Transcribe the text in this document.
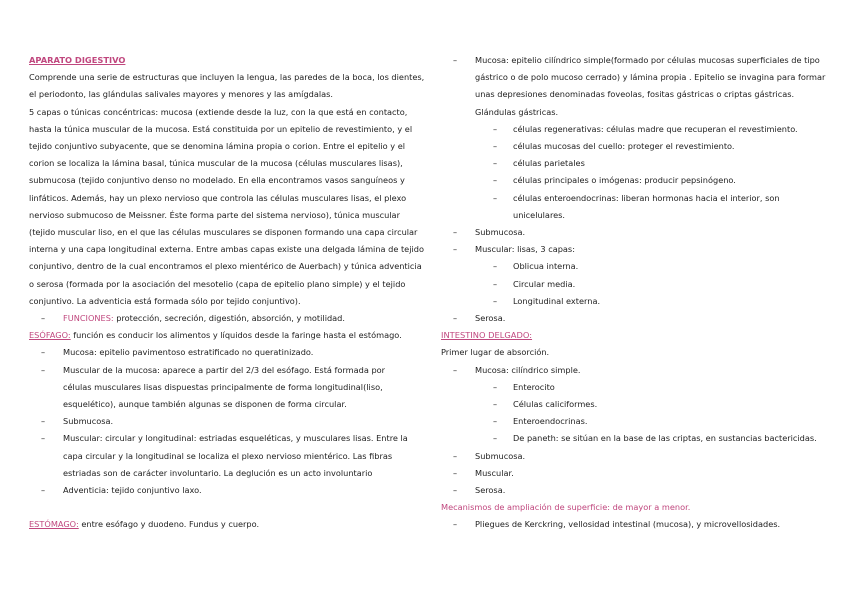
APARATO DIGESTIVO
Comprende una serie de estructuras que incluyen la lengua, las paredes de la boca, los dientes,
el periodonto, las glándulas salivales mayores y menores y las amígdalas.
5 capas o túnicas concéntricas: mucosa (extiende desde la luz, con la que está en contacto,
hasta la túnica muscular de la mucosa. Está constituida por un epitelio de revestimiento, y el
tejido conjuntivo subyacente, que se denomina lámina propia o corion. Entre el epitelio y el
corion se localiza la lámina basal, túnica muscular de la mucosa (células musculares lisas),
submucosa (tejido conjuntivo denso no modelado. En ella encontramos vasos sanguíneos y
linfáticos. Además, hay un plexo nervioso que controla las células musculares lisas, el plexo
nervioso submucoso de Meissner. Éste forma parte del sistema nervioso), túnica muscular
(tejido muscular liso, en el que las células musculares se disponen formando una capa circular
interna y una capa longitudinal externa. Entre ambas capas existe una delgada lámina de tejido
conjuntivo, dentro de la cual encontramos el plexo mientérico de Auerbach) y túnica adventicia
o serosa (formada por la asociación del mesotelio (capa de epitelio plano simple) y el tejido
conjuntivo. La adventicia está formada sólo por tejido conjuntivo).
– FUNCIONES: protección, secreción, digestión, absorción, y motilidad.
ESÓFAGO: función es conducir los alimentos y líquidos desde la faringe hasta el estómago.
– Mucosa: epitelio pavimentoso estratificado no queratinizado.
– Muscular de la mucosa: aparece a partir del 2/3 del esófago. Está formada por
células musculares lisas dispuestas principalmente de forma longitudinal(liso,
esquelético), aunque también algunas se disponen de forma circular.
– Submucosa.
– Muscular: circular y longitudinal: estriadas esqueléticas, y musculares lisas. Entre la
capa circular y la longitudinal se localiza el plexo nervioso mientérico. Las fibras
estriadas son de carácter involuntario. La deglución es un acto involuntario
– Adventicia: tejido conjuntivo laxo.
ESTÓMAGO: entre esófago y duodeno. Fundus y cuerpo.
– Mucosa: epitelio cilíndrico simple(formado por células mucosas superficiales de tipo
gástrico o de polo mucoso cerrado) y lámina propia . Epitelio se invagina para formar
unas depresiones denominadas foveolas, fositas gástricas o criptas gástricas.
Glándulas gástricas.
– células regenerativas: células madre que recuperan el revestimiento.
– células mucosas del cuello: proteger el revestimiento.
– células parietales
– células principales o imógenas: producir pepsinógeno.
– células enteroendocrinas: liberan hormonas hacia el interior, son
unicelulares.
– Submucosa.
– Muscular: lisas, 3 capas:
– Oblicua interna.
– Circular media.
– Longitudinal externa.
– Serosa.
INTESTINO DELGADO:
Primer lugar de absorción.
– Mucosa: cilíndrico simple.
– Enterocito
– Células caliciformes.
– Enteroendocrinas.
– De paneth: se sitúan en la base de las criptas, en sustancias bactericidas.
– Submucosa.
– Muscular.
– Serosa.
Mecanismos de ampliación de superficie: de mayor a menor.
– Pliegues de Kerckring, vellosidad intestinal (mucosa), y microvellosidades.
